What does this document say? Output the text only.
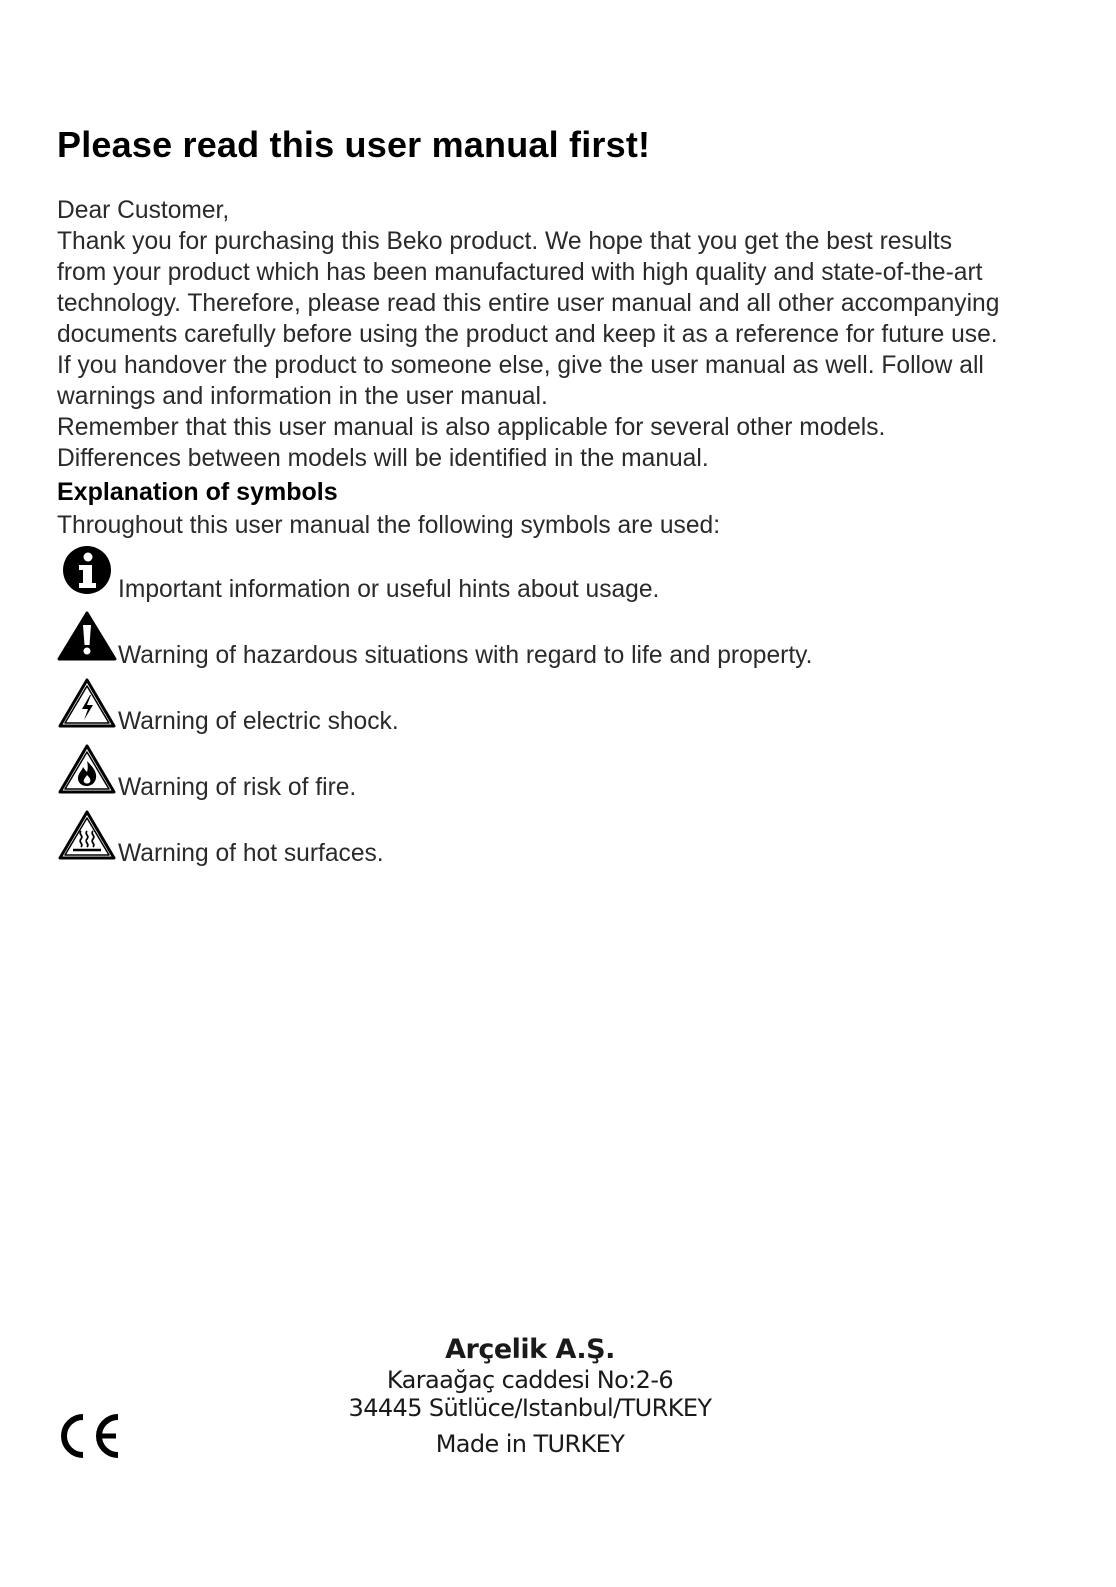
Please read this user manual first!

Dear Customer,

Thank you for purchasing this Beko product. We hope that you get the best results

from your product which has been manufactured with high quality and state-of-the-art

technology. Therefore, please read this entire user manual and all other accompanying

documents carefully before using the product and keep it as a reference for future use.

If you handover the product to someone else, give the user manual as well. Follow all

warnings and information in the user manual.

Remember that this user manual is also applicable for several other models.

Differences between models will be identified in the manual.

Explanation of symbols

Throughout this user manual the following symbols are used:

Important information or useful hints about usage.
Warning of hazardous situations with regard to life and property.
Warning of electric shock.
Warning of risk of fire.
Warning of hot surfaces.
Arçelik A.Ş.
Karaağaç caddesi No:2-6
34445 Sütlüce/Istanbul/TURKEY
Made in TURKEY
